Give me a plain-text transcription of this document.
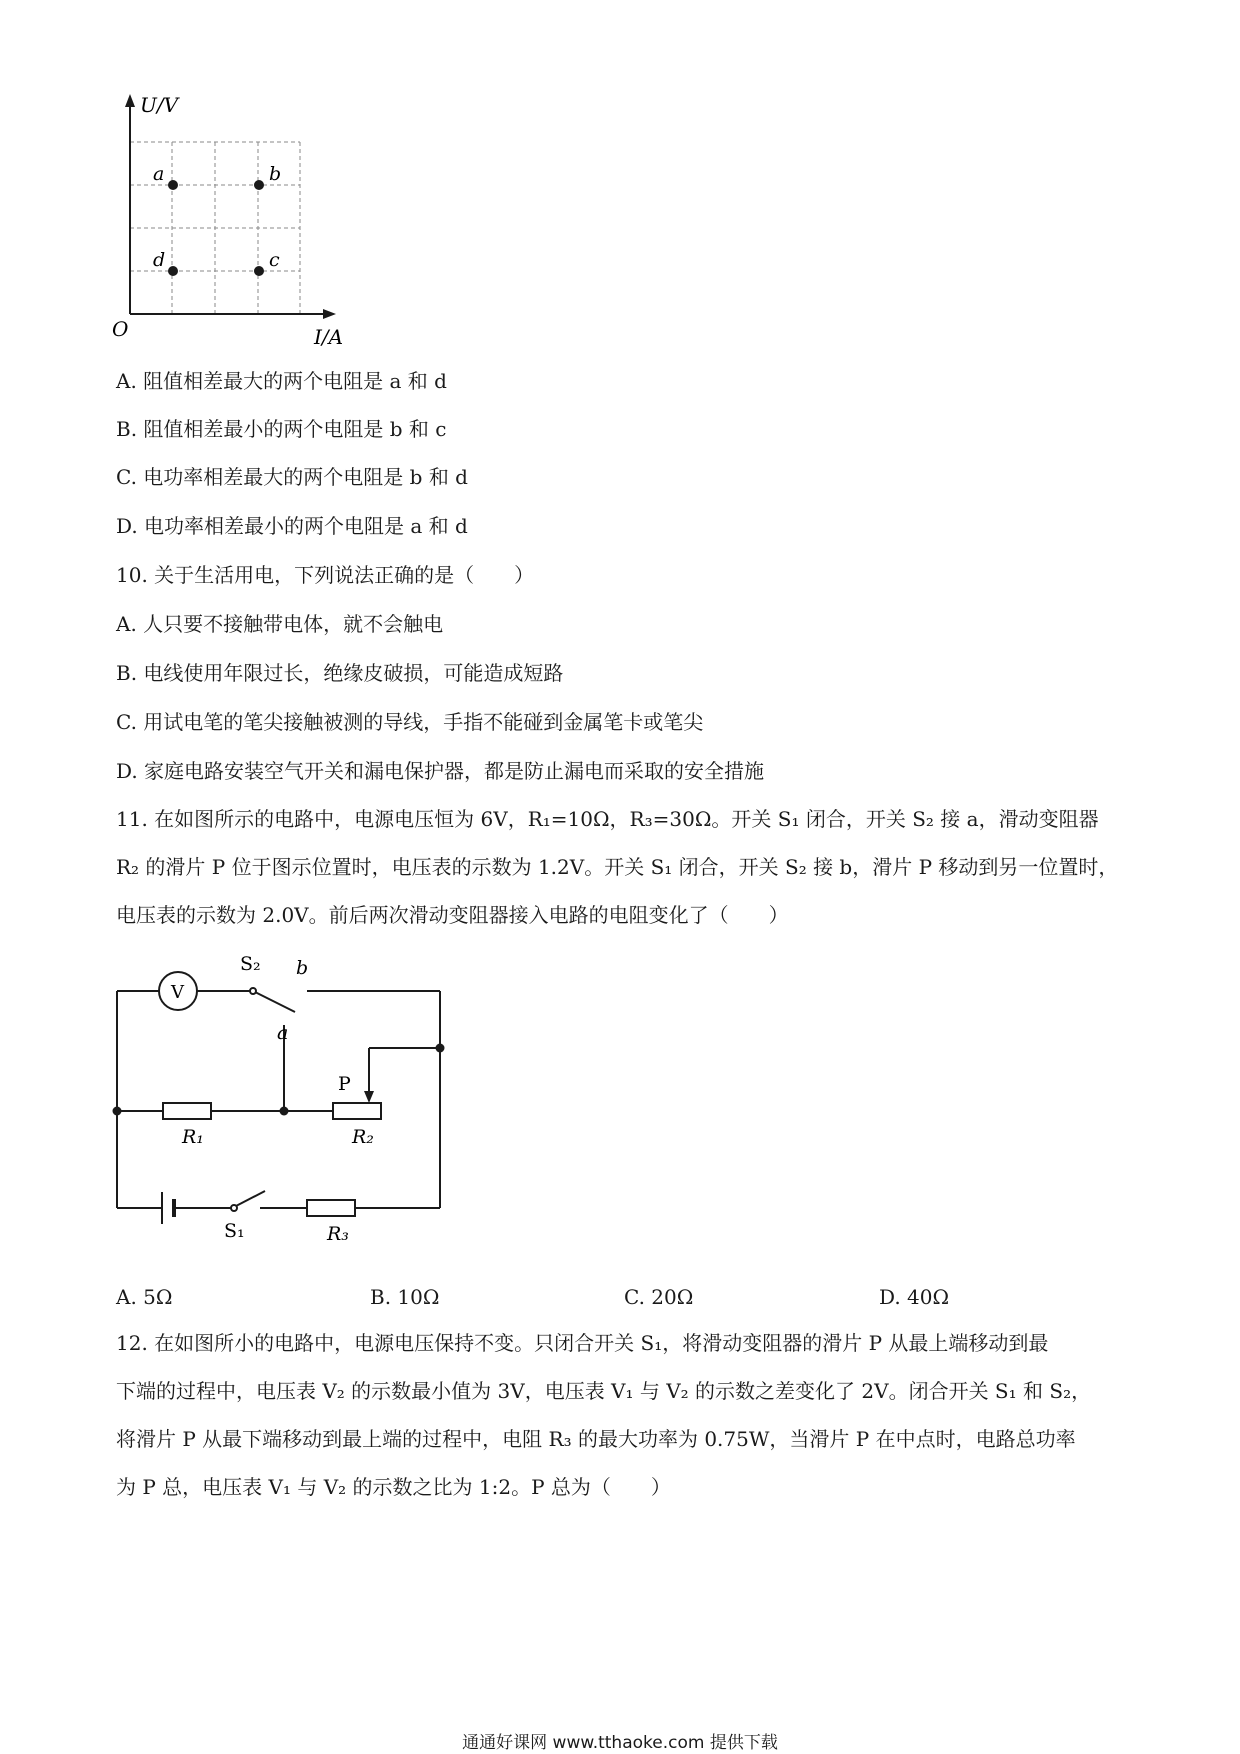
U/V
I/A
O
a	b
c
d
A. 阻值相差最大的两个电阻是 a 和 d
B. 阻值相差最小的两个电阻是 b 和 c
C. 电功率相差最大的两个电阻是 b 和 d
D. 电功率相差最小的两个电阻是 a 和 d
10. 关于生活用电，下列说法正确的是（　　）
A. 人只要不接触带电体，就不会触电
B. 电线使用年限过长，绝缘皮破损，可能造成短路
C. 用试电笔的笔尖接触被测的导线，手指不能碰到金属笔卡或笔尖
D. 家庭电路安装空气开关和漏电保护器，都是防止漏电而采取的安全措施
11. 在如图所示的电路中，电源电压恒为 6V，R₁=10Ω，R₃=30Ω。开关 S₁ 闭合，开关 S₂ 接 a，滑动变阻器
R₂ 的滑片 P 位于图示位置时，电压表的示数为 1.2V。开关 S₁ 闭合，开关 S₂ 接 b，滑片 P 移动到另一位置时，
电压表的示数为 2.0V。前后两次滑动变阻器接入电路的电阻变化了（　　）
V
S₂ b
a
P
R₁	R₂
S₁	R₃
A. 5Ω	B. 10Ω	C. 20Ω	D. 40Ω
12. 在如图所小的电路中，电源电压保持不变。只闭合开关 S₁，将滑动变阻器的滑片 P 从最上端移动到最
下端的过程中，电压表 V₂ 的示数最小值为 3V，电压表 V₁ 与 V₂ 的示数之差变化了 2V。闭合开关 S₁ 和 S₂，
将滑片 P 从最下端移动到最上端的过程中，电阻 R₃ 的最大功率为 0.75W，当滑片 P 在中点时，电路总功率
为 P 总，电压表 V₁ 与 V₂ 的示数之比为 1:2。P 总为（　　）
通通好课网 www.tthaoke.com 提供下载
